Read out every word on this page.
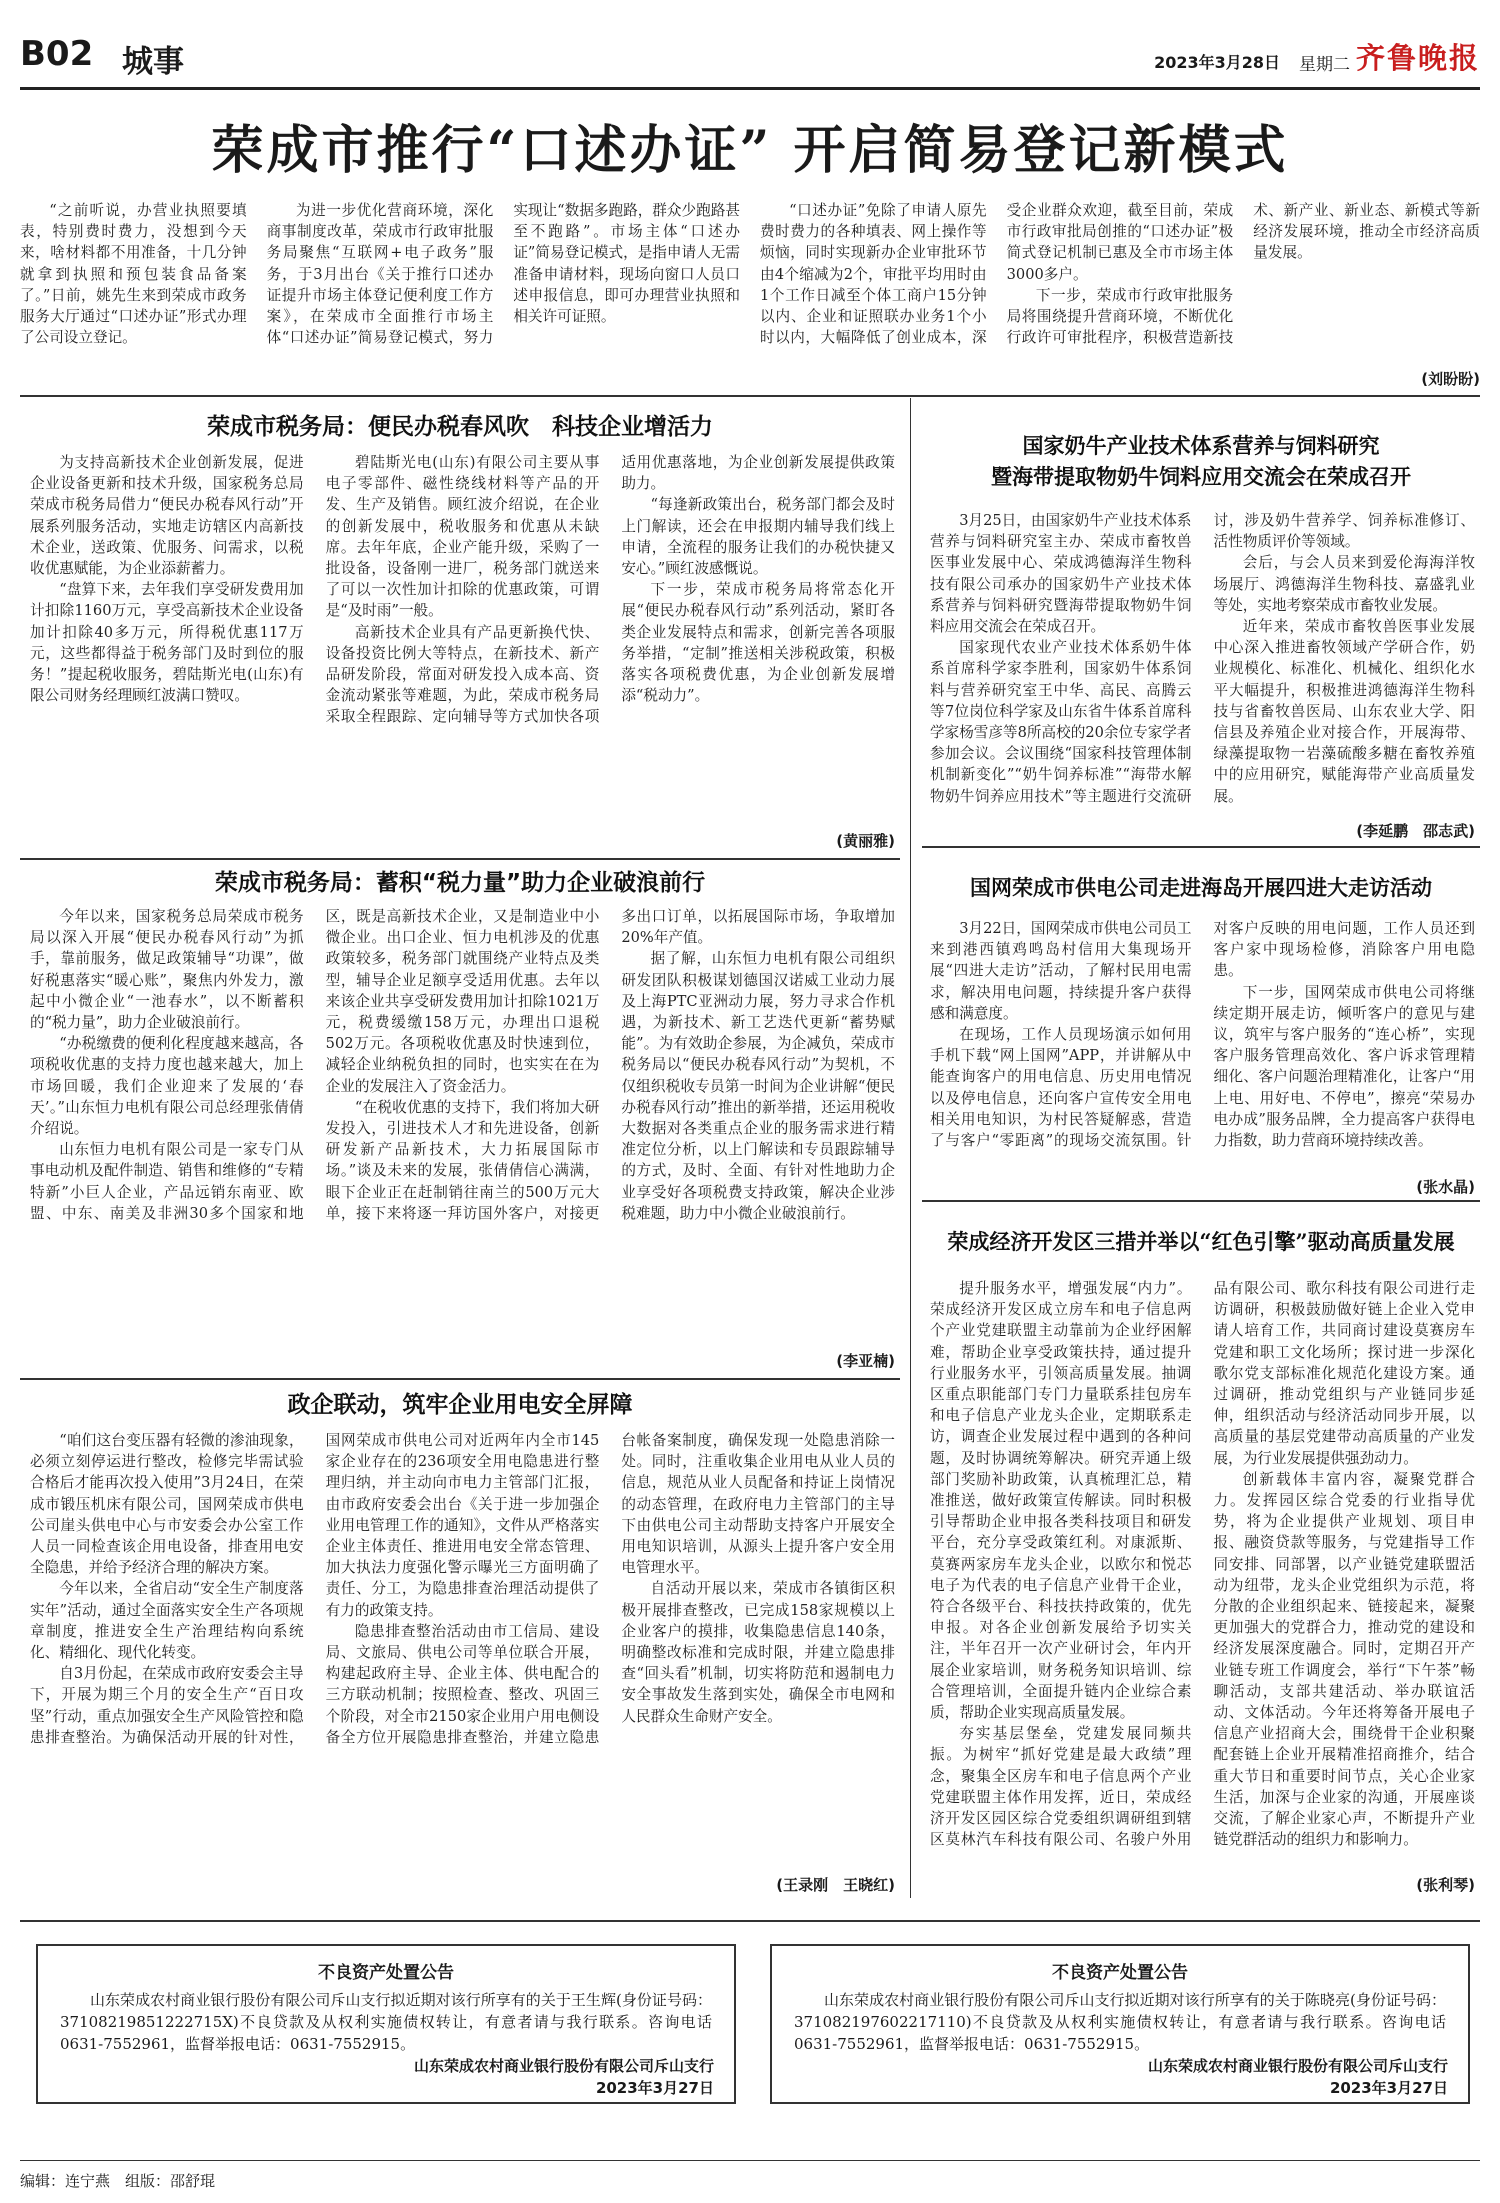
B02 城事	2023年3月28日 星期二 齐鲁晚报
荣成市推行“口述办证” 开启简易登记新模式

“之前听说，办营业执照要填表，特别费时费力，没想到今天来，啥材料都不用准备，十几分钟就拿到执照和预包装食品备案了。”日前，姚先生来到荣成市政务服务大厅通过“口述办证”形式办理了公司设立登记。

为进一步优化营商环境，深化商事制度改革，荣成市行政审批服务局聚焦“互联网+电子政务”服务，于3月出台《关于推行口述办证提升市场主体登记便利度工作方案》，在荣成市全面推行市场主体“口述办证”简易登记模式，努力实现让“数据多跑路，群众少跑路甚至不跑路”。市场主体“口述办证”简易登记模式，是指申请人无需准备申请材料，现场向窗口人员口述申报信息，即可办理营业执照和相关许可证照。

“口述办证”免除了申请人原先费时费力的各种填表、网上操作等烦恼，同时实现新办企业审批环节由4个缩减为2个，审批平均用时由1个工作日减至个体工商户15分钟以内、企业和证照联办业务1个小时以内，大幅降低了创业成本，深受企业群众欢迎，截至目前，荣成市行政审批局创推的“口述办证”极简式登记机制已惠及全市市场主体3000多户。

下一步，荣成市行政审批服务局将围绕提升营商环境，不断优化行政许可审批程序，积极营造新技术、新产业、新业态、新模式等新经济发展环境，推动全市经济高质量发展。

(刘盼盼)
荣成市税务局：便民办税春风吹　科技企业增活力

为支持高新技术企业创新发展，促进企业设备更新和技术升级，国家税务总局荣成市税务局借力“便民办税春风行动”开展系列服务活动，实地走访辖区内高新技术企业，送政策、优服务、问需求，以税收优惠赋能，为企业添薪蓄力。

“盘算下来，去年我们享受研发费用加计扣除1160万元，享受高新技术企业设备加计扣除40多万元，所得税优惠117万元，这些都得益于税务部门及时到位的服务！”提起税收服务，碧陆斯光电(山东)有限公司财务经理顾红波满口赞叹。

碧陆斯光电(山东)有限公司主要从事电子零部件、磁性绕线材料等产品的开发、生产及销售。顾红波介绍说，在企业的创新发展中，税收服务和优惠从未缺席。去年年底，企业产能升级，采购了一批设备，设备刚一进厂，税务部门就送来了可以一次性加计扣除的优惠政策，可谓是“及时雨”一般。

高新技术企业具有产品更新换代快、设备投资比例大等特点，在新技术、新产品研发阶段，常面对研发投入成本高、资金流动紧张等难题，为此，荣成市税务局采取全程跟踪、定向辅导等方式加快各项适用优惠落地，为企业创新发展提供政策助力。

“每逢新政策出台，税务部门都会及时上门解读，还会在申报期内辅导我们线上申请，全流程的服务让我们的办税快捷又安心。”顾红波感慨说。

下一步，荣成市税务局将常态化开展“便民办税春风行动”系列活动，紧盯各类企业发展特点和需求，创新完善各项服务举措，“定制”推送相关涉税政策，积极落实各项税费优惠，为企业创新发展增添“税动力”。

(黄丽雅)
荣成市税务局：蓄积“税力量”助力企业破浪前行

今年以来，国家税务总局荣成市税务局以深入开展“便民办税春风行动”为抓手，靠前服务，做足政策辅导“功课”，做好税惠落实“暖心账”，聚焦内外发力，激起中小微企业“一池春水”，以不断蓄积的“税力量”，助力企业破浪前行。

“办税缴费的便利化程度越来越高，各项税收优惠的支持力度也越来越大，加上市场回暖，我们企业迎来了发展的‘春天’。”山东恒力电机有限公司总经理张倩倩介绍说。

山东恒力电机有限公司是一家专门从事电动机及配件制造、销售和维修的“专精特新”小巨人企业，产品远销东南亚、欧盟、中东、南美及非洲30多个国家和地区，既是高新技术企业，又是制造业中小微企业。出口企业、恒力电机涉及的优惠政策较多，税务部门就围绕产业特点及类型，辅导企业足额享受适用优惠。去年以来该企业共享受研发费用加计扣除1021万元，税费缓缴158万元，办理出口退税502万元。各项税收优惠及时快速到位，减轻企业纳税负担的同时，也实实在在为企业的发展注入了资金活力。

“在税收优惠的支持下，我们将加大研发投入，引进技术人才和先进设备，创新研发新产品新技术，大力拓展国际市场。”谈及未来的发展，张倩倩信心满满，眼下企业正在赶制销往南兰的500万元大单，接下来将逐一拜访国外客户，对接更多出口订单，以拓展国际市场，争取增加20%年产值。

据了解，山东恒力电机有限公司组织研发团队积极谋划德国汉诺威工业动力展及上海PTC亚洲动力展，努力寻求合作机遇，为新技术、新工艺迭代更新“蓄势赋能”。为有效助企参展，为企减负，荣成市税务局以“便民办税春风行动”为契机，不仅组织税收专员第一时间为企业讲解“便民办税春风行动”推出的新举措，还运用税收大数据对各类重点企业的服务需求进行精准定位分析，以上门解读和专员跟踪辅导的方式，及时、全面、有针对性地助力企业享受好各项税费支持政策，解决企业涉税难题，助力中小微企业破浪前行。

(李亚楠)
政企联动，筑牢企业用电安全屏障

“咱们这台变压器有轻微的渗油现象，必须立刻停运进行整改，检修完毕需试验合格后才能再次投入使用”3月24日，在荣成市锻压机床有限公司，国网荣成市供电公司崖头供电中心与市安委会办公室工作人员一同检查该企用电设备，排查用电安全隐患，并给予经济合理的解决方案。

今年以来，全省启动“安全生产制度落实年”活动，通过全面落实安全生产各项规章制度，推进安全生产治理结构向系统化、精细化、现代化转变。

自3月份起，在荣成市政府安委会主导下，开展为期三个月的安全生产“百日攻坚”行动，重点加强安全生产风险管控和隐患排查整治。为确保活动开展的针对性，国网荣成市供电公司对近两年内全市145家企业存在的236项安全用电隐患进行整理归纳，并主动向市电力主管部门汇报，由市政府安委会出台《关于进一步加强企业用电管理工作的通知》，文件从严格落实企业主体责任、推进用电安全常态管理、加大执法力度强化警示曝光三方面明确了责任、分工，为隐患排查治理活动提供了有力的政策支持。

隐患排查整治活动由市工信局、建设局、文旅局、供电公司等单位联合开展，构建起政府主导、企业主体、供电配合的三方联动机制；按照检查、整改、巩固三个阶段，对全市2150家企业用户用电侧设备全方位开展隐患排查整治，并建立隐患台帐备案制度，确保发现一处隐患消除一处。同时，注重收集企业用电从业人员的信息，规范从业人员配备和持证上岗情况的动态管理，在政府电力主管部门的主导下由供电公司主动帮助支持客户开展安全用电知识培训，从源头上提升客户安全用电管理水平。

自活动开展以来，荣成市各镇街区积极开展排查整改，已完成158家规模以上企业客户的摸排，收集隐患信息140条，明确整改标准和完成时限，并建立隐患排查“回头看”机制，切实将防范和遏制电力安全事故发生落到实处，确保全市电网和人民群众生命财产安全。

(王录刚　王晓红)
国家奶牛产业技术体系营养与饲料研究
暨海带提取物奶牛饲料应用交流会在荣成召开

3月25日，由国家奶牛产业技术体系营养与饲料研究室主办、荣成市畜牧兽医事业发展中心、荣成鸿德海洋生物科技有限公司承办的国家奶牛产业技术体系营养与饲料研究暨海带提取物奶牛饲料应用交流会在荣成召开。

国家现代农业产业技术体系奶牛体系首席科学家李胜利，国家奶牛体系饲料与营养研究室王中华、高民、高腾云等7位岗位科学家及山东省牛体系首席科学家杨雪彦等8所高校的20余位专家学者参加会议。会议围绕“国家科技管理体制机制新变化”“奶牛饲养标准”“海带水解物奶牛饲养应用技术”等主题进行交流研讨，涉及奶牛营养学、饲养标准修订、活性物质评价等领域。

会后，与会人员来到爱伦海海洋牧场展厅、鸿德海洋生物科技、嘉盛乳业等处，实地考察荣成市畜牧业发展。

近年来，荣成市畜牧兽医事业发展中心深入推进畜牧领域产学研合作，奶业规模化、标准化、机械化、组织化水平大幅提升，积极推进鸿德海洋生物科技与省畜牧兽医局、山东农业大学、阳信县及养殖企业对接合作，开展海带、绿藻提取物一岩藻硫酸多糖在畜牧养殖中的应用研究，赋能海带产业高质量发展。

(李延鹏　邵志武)
国网荣成市供电公司走进海岛开展四进大走访活动

3月22日，国网荣成市供电公司员工来到港西镇鸡鸣岛村信用大集现场开展“四进大走访”活动，了解村民用电需求，解决用电问题，持续提升客户获得感和满意度。

在现场，工作人员现场演示如何用手机下载“网上国网”APP，并讲解从中能查询客户的用电信息、历史用电情况以及停电信息，还向客户宣传安全用电相关用电知识，为村民答疑解惑，营造了与客户“零距离”的现场交流氛围。针对客户反映的用电问题，工作人员还到客户家中现场检修，消除客户用电隐患。

下一步，国网荣成市供电公司将继续定期开展走访，倾听客户的意见与建议，筑牢与客户服务的“连心桥”，实现客户服务管理高效化、客户诉求管理精细化、客户问题治理精准化，让客户“用上电、用好电、不停电”，擦亮“荣易办　电办成”服务品牌，全力提高客户获得电力指数，助力营商环境持续改善。

(张水晶)
荣成经济开发区三措并举以“红色引擎”驱动高质量发展

提升服务水平，增强发展“内力”。荣成经济开发区成立房车和电子信息两个产业党建联盟主动靠前为企业纾困解难，帮助企业享受政策扶持，通过提升行业服务水平，引领高质量发展。抽调区重点职能部门专门力量联系挂包房车和电子信息产业龙头企业，定期联系走访，调查企业发展过程中遇到的各种问题，及时协调统筹解决。研究弄通上级部门奖励补助政策，认真梳理汇总，精准推送，做好政策宣传解读。同时积极引导帮助企业申报各类科技项目和研发平台，充分享受政策红利。对康派斯、莫赛两家房车龙头企业，以欧尔和悦芯电子为代表的电子信息产业骨干企业，符合各级平台、科技扶持政策的，优先申报。对各企业创新发展给予切实关注，半年召开一次产业研讨会，年内开展企业家培训，财务税务知识培训、综合管理培训，全面提升链内企业综合素质，帮助企业实现高质量发展。

夯实基层堡垒，党建发展同频共振。为树牢“抓好党建是最大政绩”理念，聚集全区房车和电子信息两个产业党建联盟主体作用发挥，近日，荣成经济开发区园区综合党委组织调研组到辖区莫林汽车科技有限公司、名骏户外用品有限公司、歌尔科技有限公司进行走访调研，积极鼓励做好链上企业入党申请人培育工作，共同商讨建设莫赛房车党建和职工文化场所；探讨进一步深化歌尔党支部标准化规范化建设方案。通过调研，推动党组织与产业链同步延伸，组织活动与经济活动同步开展，以高质量的基层党建带动高质量的产业发展，为行业发展提供强劲动力。

创新载体丰富内容，凝聚党群合力。发挥园区综合党委的行业指导优势，将为企业提供产业规划、项目申报、融资贷款等服务，与党建指导工作同安排、同部署，以产业链党建联盟活动为纽带，龙头企业党组织为示范，将分散的企业组织起来、链接起来，凝聚更加强大的党群合力，推动党的建设和经济发展深度融合。同时，定期召开产业链专班工作调度会，举行“下午茶”畅聊活动，支部共建活动、举办联谊活动、文体活动。今年还将筹备开展电子信息产业招商大会，围绕骨干企业积聚配套链上企业开展精准招商推介，结合重大节日和重要时间节点，关心企业家生活，加深与企业家的沟通，开展座谈交流，了解企业家心声，不断提升产业链党群活动的组织力和影响力。

(张利琴)
不良资产处置公告
山东荣成农村商业银行股份有限公司斥山支行拟近期对该行所享有的关于王生辉(身份证号码：371082198512227​15X)不良贷款及从权利实施债权转让，有意者请与我行联系。咨询电话0631-7552961，监督举报电话：0631-7552915。
山东荣成农村商业银行股份有限公司斥山支行
2023年3月27日
不良资产处置公告
山东荣成农村商业银行股份有限公司斥山支行拟近期对该行所享有的关于陈晓亮(身份证号码：371082197602217110)不良贷款及从权利实施债权转让，有意者请与我行联系。咨询电话0631-7552961，监督举报电话：0631-7552915。
山东荣成农村商业银行股份有限公司斥山支行
2023年3月27日
编辑：连宁燕　组版：邵舒琨
